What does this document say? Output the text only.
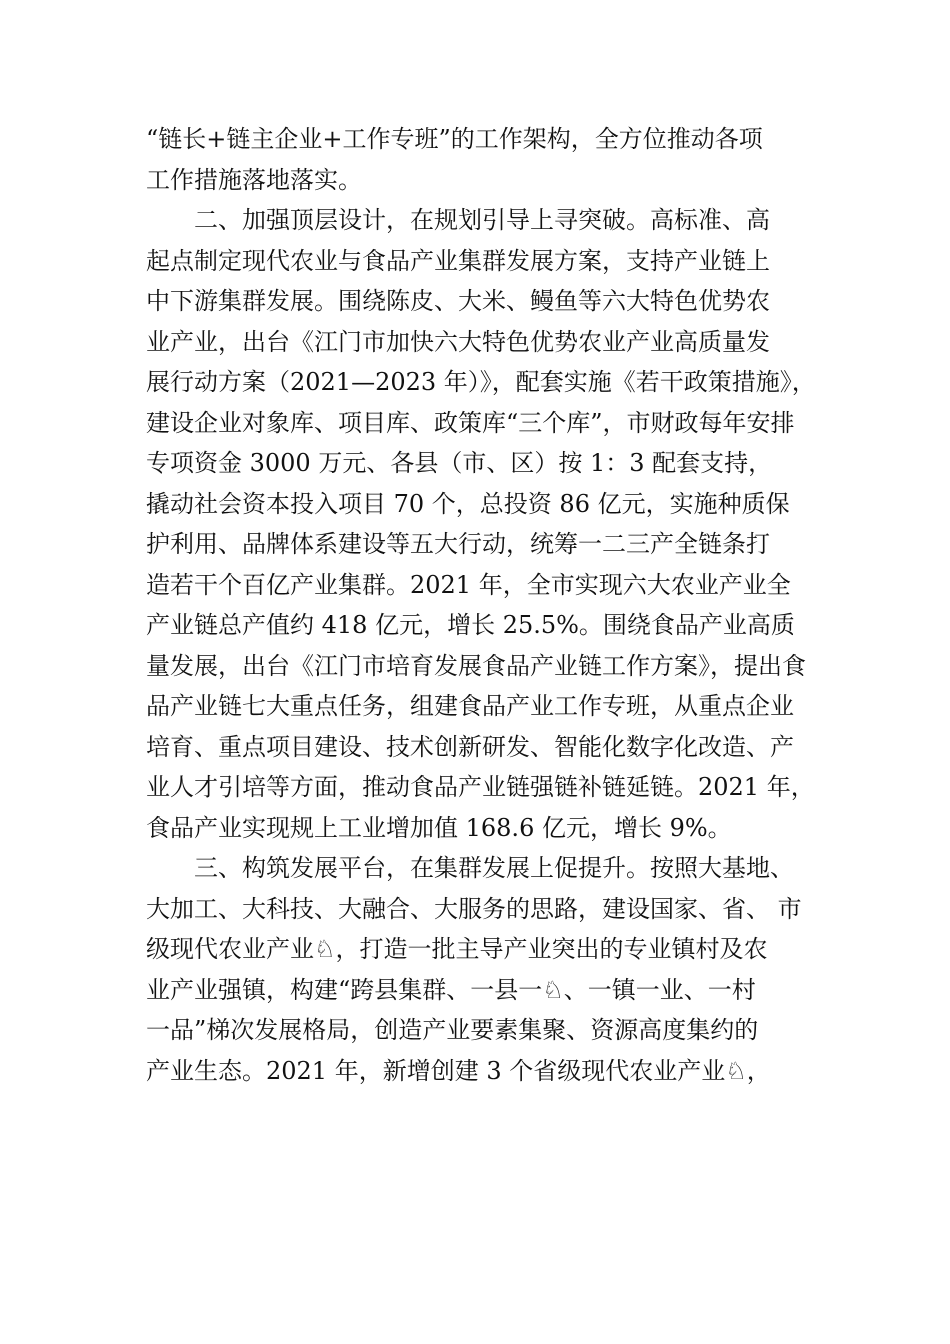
“链长+链主企业+工作专班”的工作架构，全方位推动各项
工作措施落地落实。
二、加强顶层设计，在规划引导上寻突破。高标准、高
起点制定现代农业与食品产业集群发展方案，支持产业链上
中下游集群发展。围绕陈皮、大米、鳗鱼等六大特色优势农
业产业，出台《江门市加快六大特色优势农业产业高质量发
展行动方案（2021—2023 年）》，配套实施《若干政策措施》，
建设企业对象库、项目库、政策库“三个库”，市财政每年安排
专项资金 3000 万元、各县（市、区）按 1：3 配套支持，
撬动社会资本投入项目 70 个，总投资 86 亿元，实施种质保
护利用、品牌体系建设等五大行动，统筹一二三产全链条打
造若干个百亿产业集群。2021 年，全市实现六大农业产业全
产业链总产值约 418 亿元，增长 25.5%。围绕食品产业高质
量发展，出台《江门市培育发展食品产业链工作方案》，提出食
品产业链七大重点任务，组建食品产业工作专班，从重点企业
培育、重点项目建设、技术创新研发、智能化数字化改造、产
业人才引培等方面，推动食品产业链强链补链延链。2021 年，
食品产业实现规上工业增加值 168.6 亿元，增长 9%。
三、构筑发展平台，在集群发展上促提升。按照大基地、
大加工、大科技、大融合、大服务的思路，建设国家、省、 市
级现代农业产业♘，打造一批主导产业突出的专业镇村及农
业产业强镇，构建“跨县集群、一县一♘、一镇一业、一村
一品”梯次发展格局，创造产业要素集聚、资源高度集约的
产业生态。2021 年，新增创建 3 个省级现代农业产业♘，
